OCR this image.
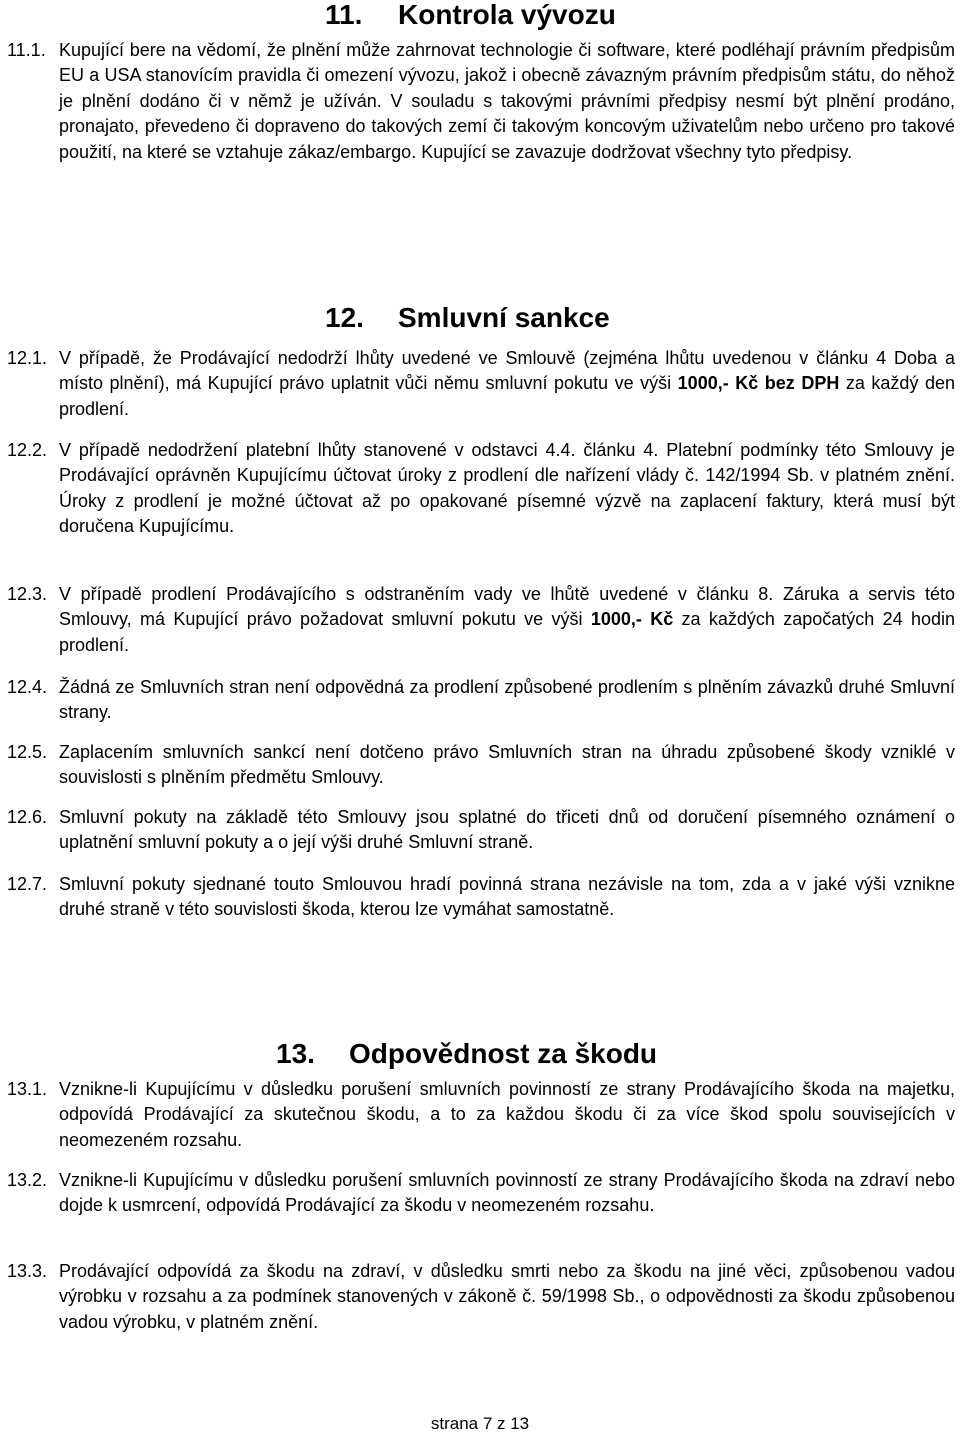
11. Kontrola vývozu
11.1. Kupující bere na vědomí, že plnění může zahrnovat technologie či software, které podléhají právním předpisům EU a USA stanovícím pravidla či omezení vývozu, jakož i obecně závazným právním předpisům státu, do něhož je plnění dodáno či v němž je užíván. V souladu s takovými právními předpisy nesmí být plnění prodáno, pronajato, převedeno či dopraveno do takových zemí či takovým koncovým uživatelům nebo určeno pro takové použití, na které se vztahuje zákaz/embargo. Kupující se zavazuje dodržovat všechny tyto předpisy.
12. Smluvní sankce
12.1. V případě, že Prodávající nedodrží lhůty uvedené ve Smlouvě (zejména lhůtu uvedenou v článku 4 Doba a místo plnění), má Kupující právo uplatnit vůči němu smluvní pokutu ve výši 1000,- Kč bez DPH za každý den prodlení.
12.2. V případě nedodržení platební lhůty stanovené v odstavci 4.4. článku 4. Platební podmínky této Smlouvy je Prodávající oprávněn Kupujícímu účtovat úroky z prodlení dle nařízení vlády č. 142/1994 Sb. v platném znění. Úroky z prodlení je možné účtovat až po opakované písemné výzvě na zaplacení faktury, která musí být doručena Kupujícímu.
12.3. V případě prodlení Prodávajícího s odstraněním vady ve lhůtě uvedené v článku 8. Záruka a servis této Smlouvy, má Kupující právo požadovat smluvní pokutu ve výši 1000,- Kč za každých započatých 24 hodin prodlení.
12.4. Žádná ze Smluvních stran není odpovědná za prodlení způsobené prodlením s plněním závazků druhé Smluvní strany.
12.5. Zaplacením smluvních sankcí není dotčeno právo Smluvních stran na úhradu způsobené škody vzniklé v souvislosti s plněním předmětu Smlouvy.
12.6. Smluvní pokuty na základě této Smlouvy jsou splatné do třiceti dnů od doručení písemného oznámení o uplatnění smluvní pokuty a o její výši druhé Smluvní straně.
12.7. Smluvní pokuty sjednané touto Smlouvou hradí povinná strana nezávisle na tom, zda a v jaké výši vznikne druhé straně v této souvislosti škoda, kterou lze vymáhat samostatně.
13. Odpovědnost za škodu
13.1. Vznikne-li Kupujícímu v důsledku porušení smluvních povinností ze strany Prodávajícího škoda na majetku, odpovídá Prodávající za skutečnou škodu, a to za každou škodu či za více škod spolu souvisejících v neomezeném rozsahu.
13.2. Vznikne-li Kupujícímu v důsledku porušení smluvních povinností ze strany Prodávajícího škoda na zdraví nebo dojde k usmrcení, odpovídá Prodávající za škodu v neomezeném rozsahu.
13.3. Prodávající odpovídá za škodu na zdraví, v důsledku smrti nebo za škodu na jiné věci, způsobenou vadou výrobku v rozsahu a za podmínek stanovených v zákoně č. 59/1998 Sb., o odpovědnosti za škodu způsobenou vadou výrobku, v platném znění.
strana 7 z 13
